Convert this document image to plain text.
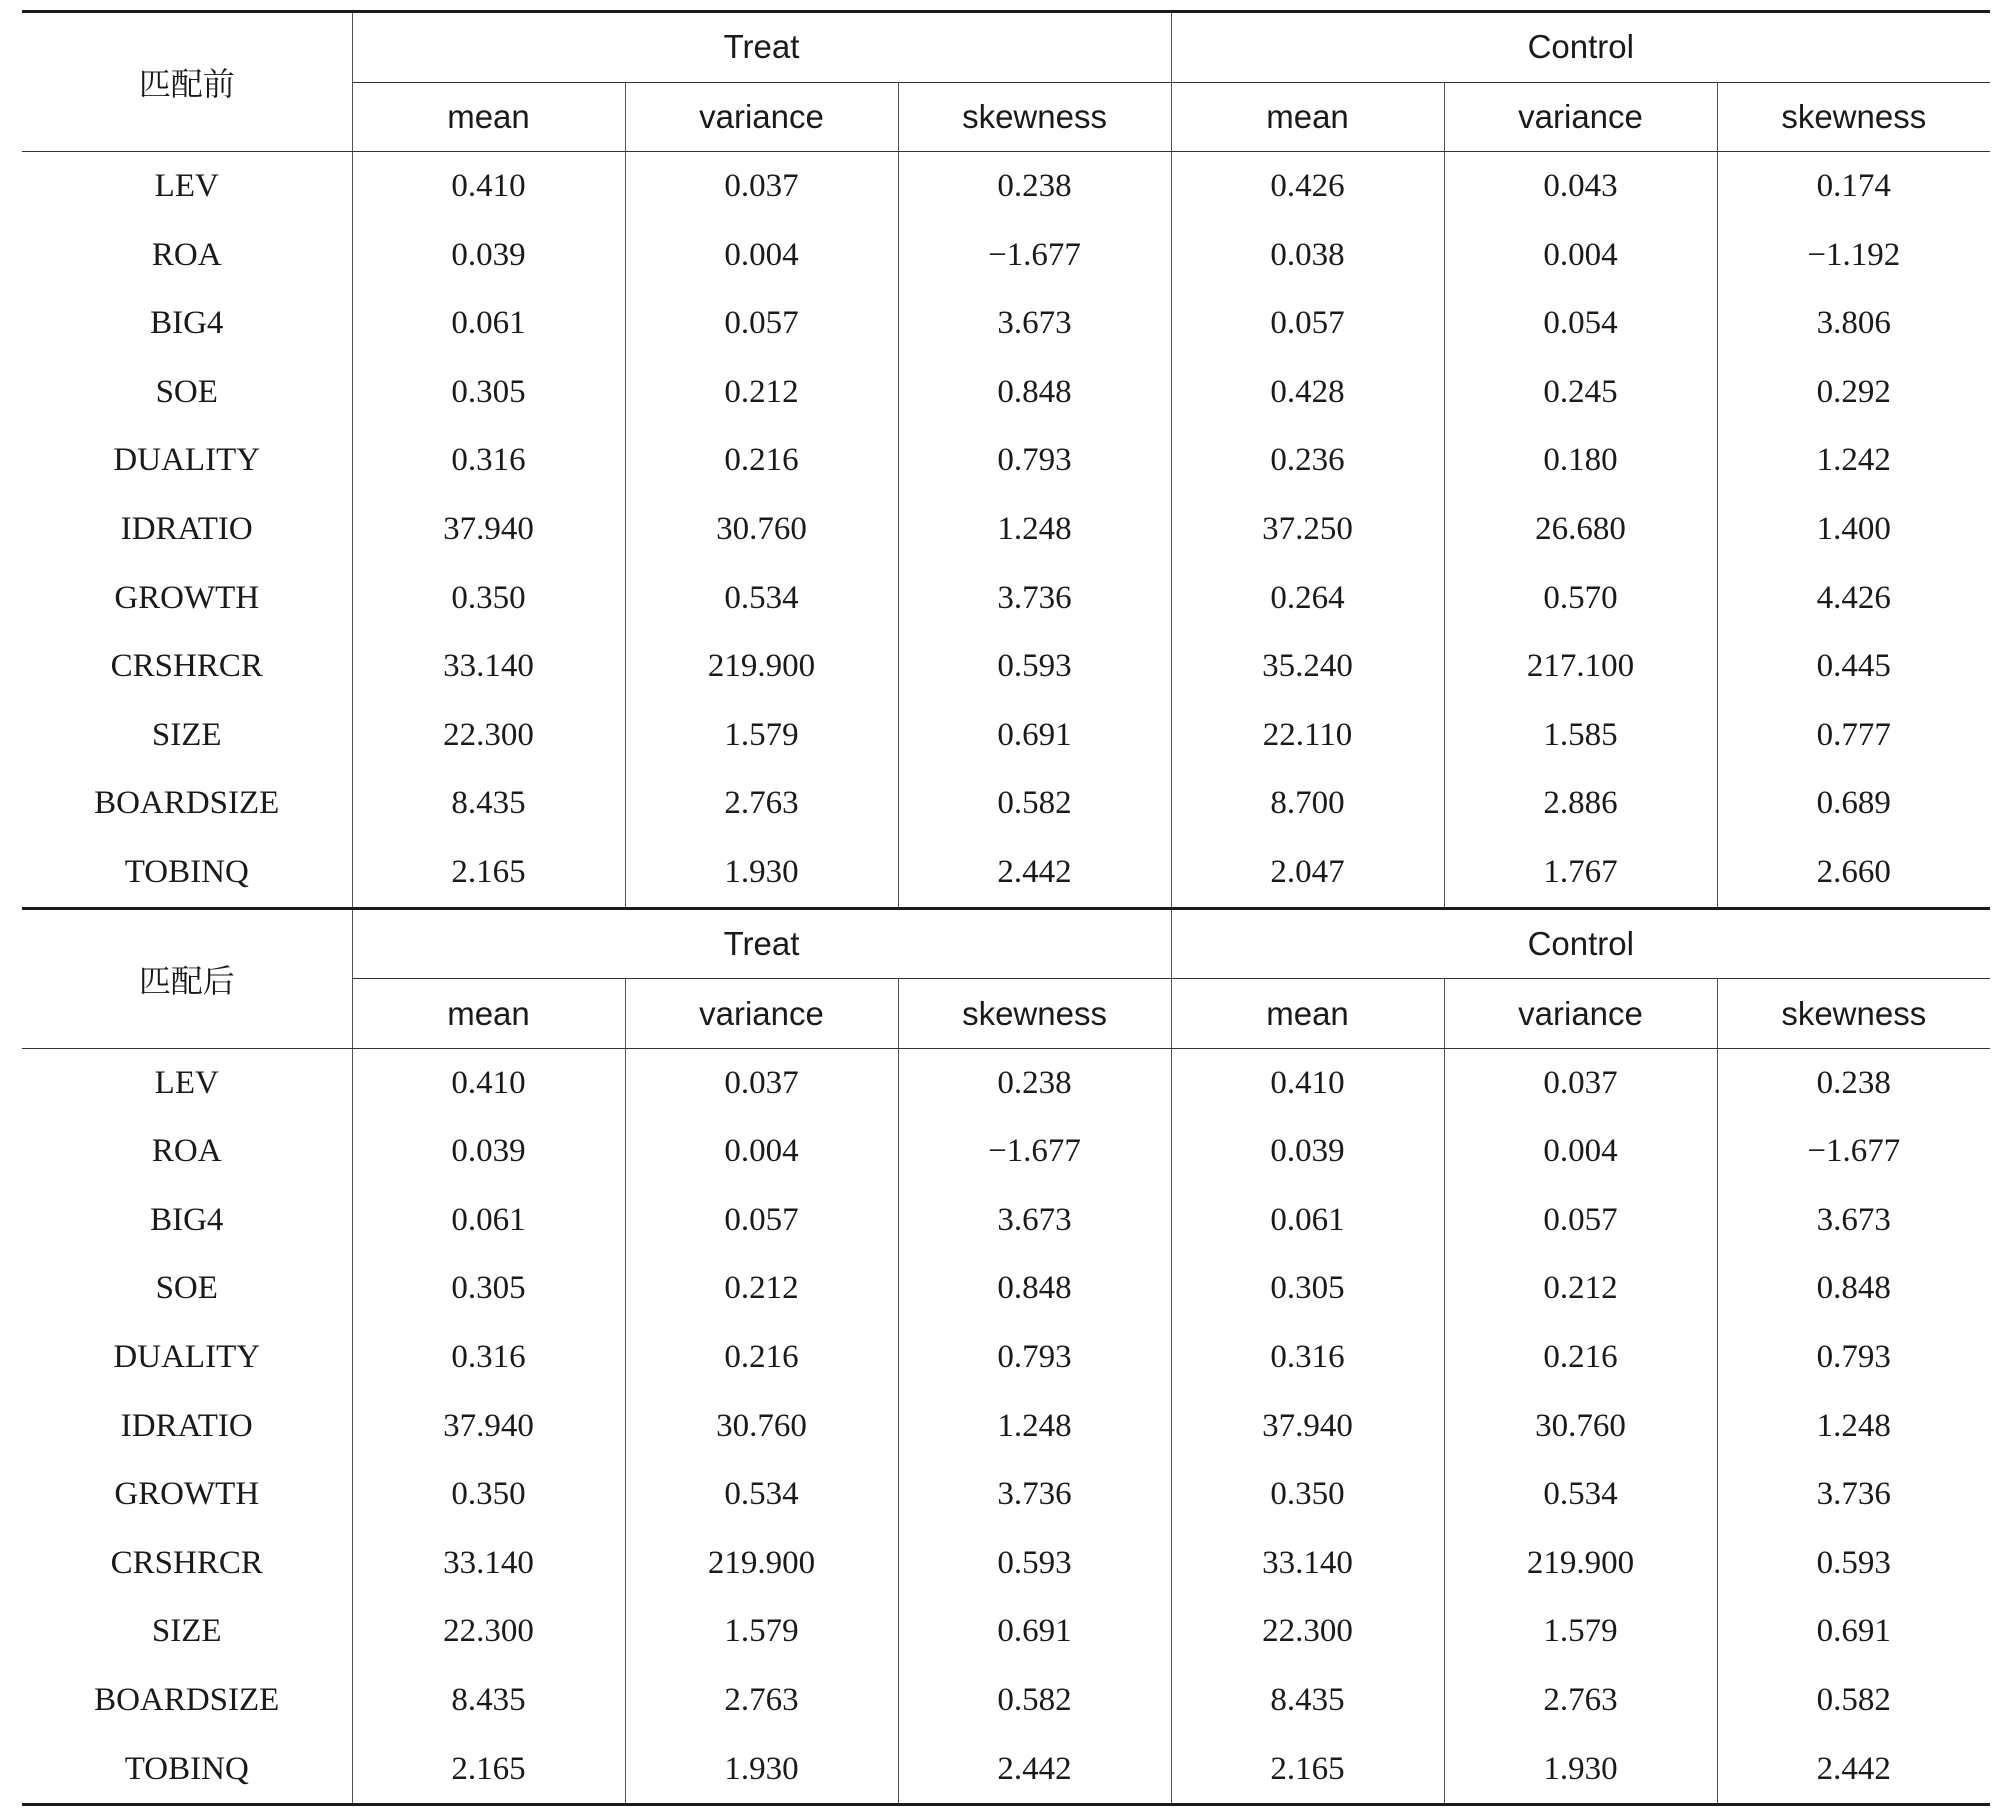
匹配前	Treat			Control		
	mean	variance	skewness	mean	variance	skewness
LEV	0.410	0.037	0.238	0.426	0.043	0.174
ROA	0.039	0.004	−1.677	0.038	0.004	−1.192
BIG4	0.061	0.057	3.673	0.057	0.054	3.806
SOE	0.305	0.212	0.848	0.428	0.245	0.292
DUALITY	0.316	0.216	0.793	0.236	0.180	1.242
IDRATIO	37.940	30.760	1.248	37.250	26.680	1.400
GROWTH	0.350	0.534	3.736	0.264	0.570	4.426
CRSHRCR	33.140	219.900	0.593	35.240	217.100	0.445
SIZE	22.300	1.579	0.691	22.110	1.585	0.777
BOARDSIZE	8.435	2.763	0.582	8.700	2.886	0.689
TOBINQ	2.165	1.930	2.442	2.047	1.767	2.660
匹配后	Treat			Control		
	mean	variance	skewness	mean	variance	skewness
LEV	0.410	0.037	0.238	0.410	0.037	0.238
ROA	0.039	0.004	−1.677	0.039	0.004	−1.677
BIG4	0.061	0.057	3.673	0.061	0.057	3.673
SOE	0.305	0.212	0.848	0.305	0.212	0.848
DUALITY	0.316	0.216	0.793	0.316	0.216	0.793
IDRATIO	37.940	30.760	1.248	37.940	30.760	1.248
GROWTH	0.350	0.534	3.736	0.350	0.534	3.736
CRSHRCR	33.140	219.900	0.593	33.140	219.900	0.593
SIZE	22.300	1.579	0.691	22.300	1.579	0.691
BOARDSIZE	8.435	2.763	0.582	8.435	2.763	0.582
TOBINQ	2.165	1.930	2.442	2.165	1.930	2.442
